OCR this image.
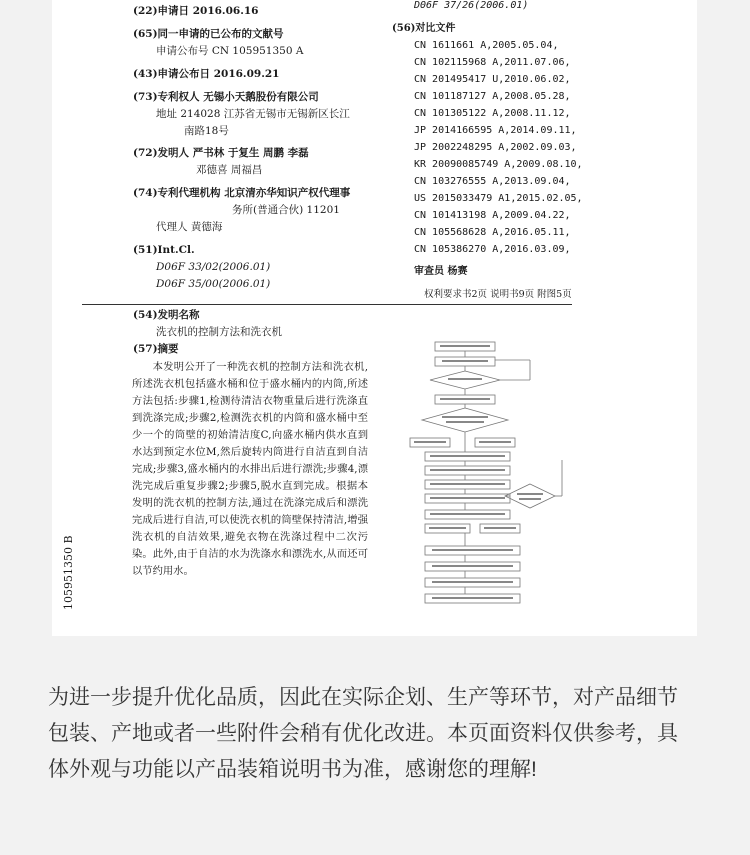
(22)申请日 2016.06.16
(65)同一申请的已公布的文献号
申请公布号 CN 105951350 A
(43)申请公布日 2016.09.21
(73)专利权人 无锡小天鹅股份有限公司
地址 214028 江苏省无锡市无锡新区长江
南路18号
(72)发明人 严书林 于复生 周鹏 李磊
邓德喜 周福昌
(74)专利代理机构 北京清亦华知识产权代理事
务所(普通合伙) 11201
代理人 黄德海
(51)Int.Cl.
D06F 33/02(2006.01)
D06F 35/00(2006.01)
D06F 37/26(2006.01)
(56)对比文件
CN 1611661 A,2005.05.04,
CN 102115968 A,2011.07.06,
CN 201495417 U,2010.06.02,
CN 101187127 A,2008.05.28,
CN 101305122 A,2008.11.12,
JP 2014166595 A,2014.09.11,
JP 2002248295 A,2002.09.03,
KR 20090085749 A,2009.08.10,
CN 103276555 A,2013.09.04,
US 2015033479 A1,2015.02.05,
CN 101413198 A,2009.04.22,
CN 105568628 A,2016.05.11,
CN 105386270 A,2016.03.09,
审查员 杨赛
权利要求书2页 说明书9页 附图5页
(54)发明名称
洗衣机的控制方法和洗衣机
(57)摘要
本发明公开了一种洗衣机的控制方法和洗衣机,所述洗衣机包括盛水桶和位于盛水桶内的内筒,所述方法包括:步骤1,检测待清洁衣物重量后进行洗涤直到洗涤完成;步骤2,检测洗衣机的内筒和盛水桶中至少一个的筒壁的初始清洁度C,向盛水桶内供水直到水达到预定水位M,然后旋转内筒进行自洁直到自洁完成;步骤3,盛水桶内的水排出后进行漂洗;步骤4,漂洗完成后重复步骤2;步骤5,脱水直到完成。根据本发明的洗衣机的控制方法,通过在洗涤完成后和漂洗完成后进行自洁,可以使洗衣机的筒壁保持清洁,增强洗衣机的自洁效果,避免衣物在洗涤过程中二次污染。此外,由于自洁的水为洗涤水和漂洗水,从而还可以节约用水。
105951350 B

为进一步提升优化品质，因此在实际企划、生产等环节，对产品细节

包装、产地或者一些附件会稍有优化改进。本页面资料仅供参考，具

体外观与功能以产品装箱说明书为准，感谢您的理解!
